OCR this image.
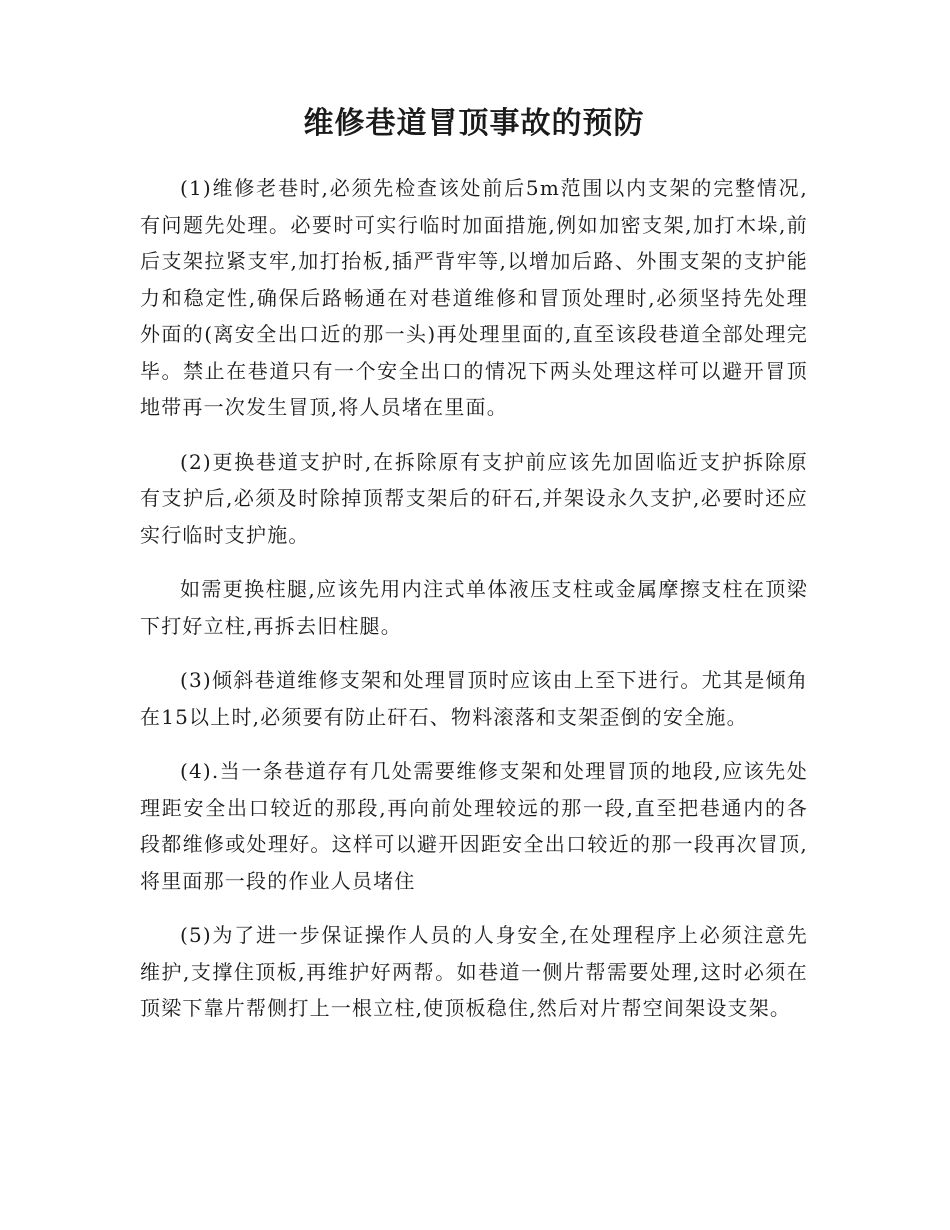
维修巷道冒顶事故的预防

(1)维修老巷时,必须先检查该处前后5m范围以内支架的完整情况,有问题先处理。必要时可实行临时加面措施,例如加密支架,加打木垛,前后支架拉紧支牢,加打抬板,插严背牢等,以增加后路、外围支架的支护能力和稳定性,确保后路畅通在对巷道维修和冒顶处理时,必须坚持先处理外面的(离安全出口近的那一头)再处理里面的,直至该段巷道全部处理完毕。禁止在巷道只有一个安全出口的情况下两头处理这样可以避开冒顶地带再一次发生冒顶,将人员堵在里面。

(2)更换巷道支护时,在拆除原有支护前应该先加固临近支护拆除原有支护后,必须及时除掉顶帮支架后的矸石,并架设永久支护,必要时还应实行临时支护施。

如需更换柱腿,应该先用内注式单体液压支柱或金属摩擦支柱在顶梁下打好立柱,再拆去旧柱腿。

(3)倾斜巷道维修支架和处理冒顶时应该由上至下进行。尤其是倾角在15以上时,必须要有防止矸石、物料滚落和支架歪倒的安全施。

(4).当一条巷道存有几处需要维修支架和处理冒顶的地段,应该先处理距安全出口较近的那段,再向前处理较远的那一段,直至把巷通内的各段都维修或处理好。这样可以避开因距安全出口较近的那一段再次冒顶,将里面那一段的作业人员堵住

(5)为了进一步保证操作人员的人身安全,在处理程序上必须注意先维护,支撑住顶板,再维护好两帮。如巷道一侧片帮需要处理,这时必须在顶梁下靠片帮侧打上一根立柱,使顶板稳住,然后对片帮空间架设支架。
